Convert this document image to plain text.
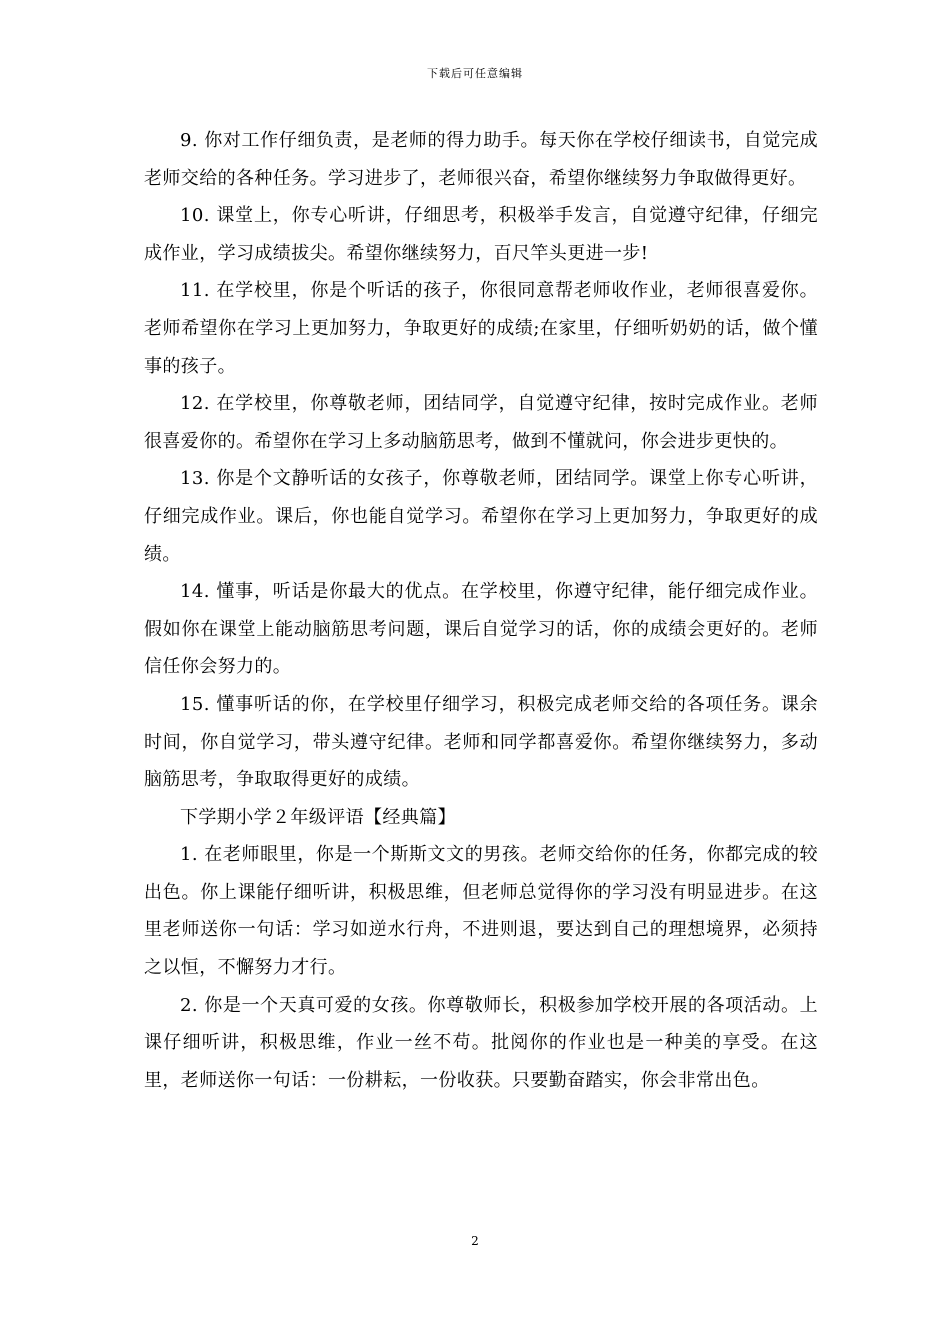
下载后可任意编辑

9. 你对工作仔细负责，是老师的得力助手。每天你在学校仔细读书，自觉完成老师交给的各种任务。学习进步了，老师很兴奋，希望你继续努力争取做得更好。

10. 课堂上，你专心听讲，仔细思考，积极举手发言，自觉遵守纪律，仔细完成作业，学习成绩拔尖。希望你继续努力，百尺竿头更进一步!

11. 在学校里，你是个听话的孩子，你很同意帮老师收作业，老师很喜爱你。老师希望你在学习上更加努力，争取更好的成绩;在家里，仔细听奶奶的话，做个懂事的孩子。

12. 在学校里，你尊敬老师，团结同学，自觉遵守纪律，按时完成作业。老师很喜爱你的。希望你在学习上多动脑筋思考，做到不懂就问，你会进步更快的。

13. 你是个文静听话的女孩子，你尊敬老师，团结同学。课堂上你专心听讲，仔细完成作业。课后，你也能自觉学习。希望你在学习上更加努力，争取更好的成绩。

14. 懂事，听话是你最大的优点。在学校里，你遵守纪律，能仔细完成作业。假如你在课堂上能动脑筋思考问题，课后自觉学习的话，你的成绩会更好的。老师信任你会努力的。

15. 懂事听话的你，在学校里仔细学习，积极完成老师交给的各项任务。课余时间，你自觉学习，带头遵守纪律。老师和同学都喜爱你。希望你继续努力，多动脑筋思考，争取取得更好的成绩。

下学期小学２年级评语【经典篇】

1. 在老师眼里，你是一个斯斯文文的男孩。老师交给你的任务，你都完成的较出色。你上课能仔细听讲，积极思维，但老师总觉得你的学习没有明显进步。在这里老师送你一句话：学习如逆水行舟，不进则退，要达到自己的理想境界，必须持之以恒，不懈努力才行。

2. 你是一个天真可爱的女孩。你尊敬师长，积极参加学校开展的各项活动。上课仔细听讲，积极思维，作业一丝不苟。批阅你的作业也是一种美的享受。在这里，老师送你一句话：一份耕耘，一份收获。只要勤奋踏实，你会非常出色。

2
